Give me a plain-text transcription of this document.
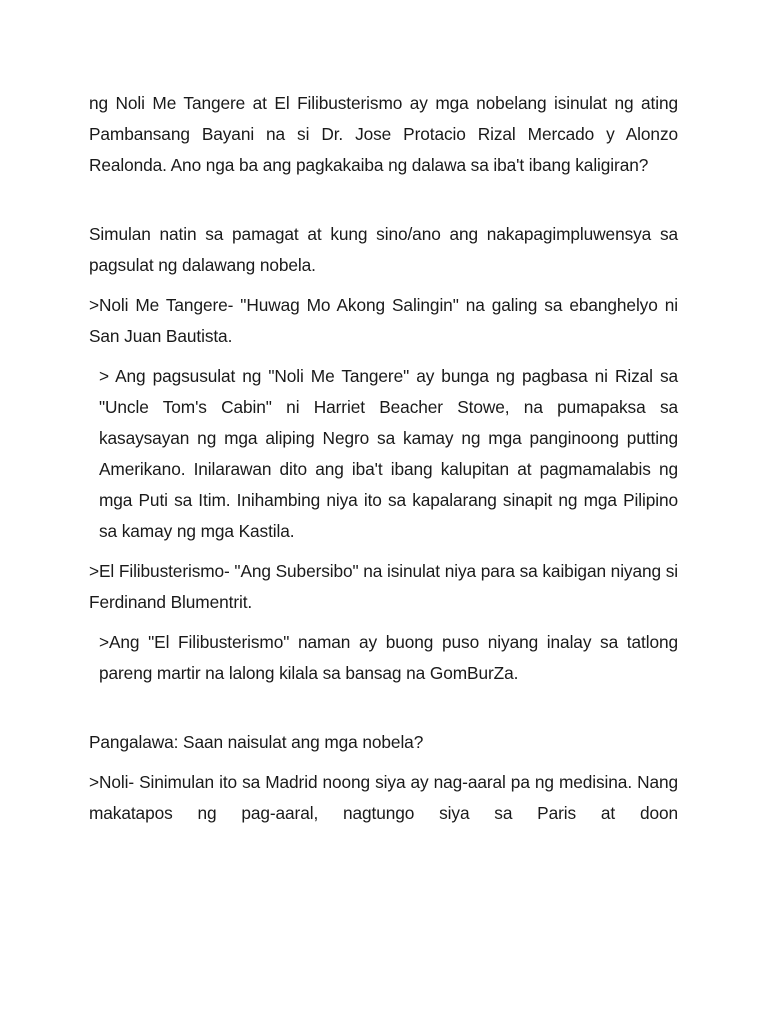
ng Noli Me Tangere at El Filibusterismo ay mga nobelang isinulat ng ating Pambansang Bayani na si Dr. Jose Protacio Rizal Mercado y Alonzo Realonda. Ano nga ba ang pagkakaiba ng dalawa sa iba't ibang kaligiran?

Simulan natin sa pamagat at kung sino/ano ang nakapagimpluwensya sa pagsulat ng dalawang nobela.

>Noli Me Tangere- "Huwag Mo Akong Salingin" na galing sa ebanghelyo ni San Juan Bautista.

> Ang pagsusulat ng "Noli Me Tangere" ay bunga ng pagbasa ni Rizal sa "Uncle Tom's Cabin" ni Harriet Beacher Stowe, na pumapaksa sa kasaysayan ng mga aliping Negro sa kamay ng mga panginoong putting Amerikano. Inilarawan dito ang iba't ibang kalupitan at pagmamalabis ng mga Puti sa Itim. Inihambing niya ito sa kapalarang sinapit ng mga Pilipino sa kamay ng mga Kastila.

>El Filibusterismo- "Ang Subersibo" na isinulat niya para sa kaibigan niyang si Ferdinand Blumentrit.

>Ang "El Filibusterismo" naman ay buong puso niyang inalay sa tatlong pareng martir na lalong kilala sa bansag na GomBurZa.

Pangalawa: Saan naisulat ang mga nobela?

>Noli- Sinimulan ito sa Madrid noong siya ay nag-aaral pa ng medisina. Nang makatapos ng pag-aaral, nagtungo siya sa Paris at doon
